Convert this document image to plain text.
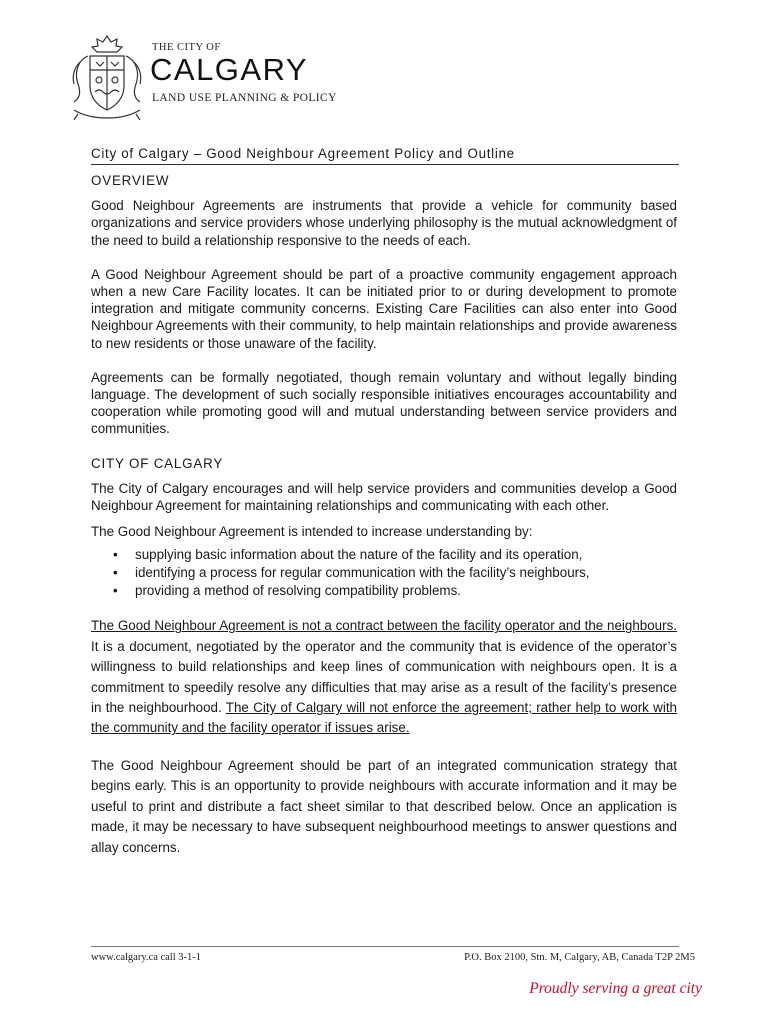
THE CITY OF
CALGARY
LAND USE PLANNING & POLICY
City of Calgary – Good Neighbour Agreement Policy and Outline
OVERVIEW

Good Neighbour Agreements are instruments that provide a vehicle for community based organizations and service providers whose underlying philosophy is the mutual acknowledgment of the need to build a relationship responsive to the needs of each.

A Good Neighbour Agreement should be part of a proactive community engagement approach when a new Care Facility locates. It can be initiated prior to or during development to promote integration and mitigate community concerns. Existing Care Facilities can also enter into Good Neighbour Agreements with their community, to help maintain relationships and provide awareness to new residents or those unaware of the facility.

Agreements can be formally negotiated, though remain voluntary and without legally binding language. The development of such socially responsible initiatives encourages accountability and cooperation while promoting good will and mutual understanding between service providers and communities.

CITY OF CALGARY

The City of Calgary encourages and will help service providers and communities develop a Good Neighbour Agreement for maintaining relationships and communicating with each other.

The Good Neighbour Agreement is intended to increase understanding by:

• supplying basic information about the nature of the facility and its operation,
• identifying a process for regular communication with the facility’s neighbours,
• providing a method of resolving compatibility problems.

The Good Neighbour Agreement is not a contract between the facility operator and the neighbours. It is a document, negotiated by the operator and the community that is evidence of the operator’s willingness to build relationships and keep lines of communication with neighbours open. It is a commitment to speedily resolve any difficulties that may arise as a result of the facility’s presence in the neighbourhood. The City of Calgary will not enforce the agreement; rather help to work with the community and the facility operator if issues arise.

The Good Neighbour Agreement should be part of an integrated communication strategy that begins early. This is an opportunity to provide neighbours with accurate information and it may be useful to print and distribute a fact sheet similar to that described below. Once an application is made, it may be necessary to have subsequent neighbourhood meetings to answer questions and allay concerns.

www.calgary.ca call 3-1-1	P.O. Box 2100, Stn. M, Calgary, AB, Canada T2P 2M5
Proudly serving a great city
